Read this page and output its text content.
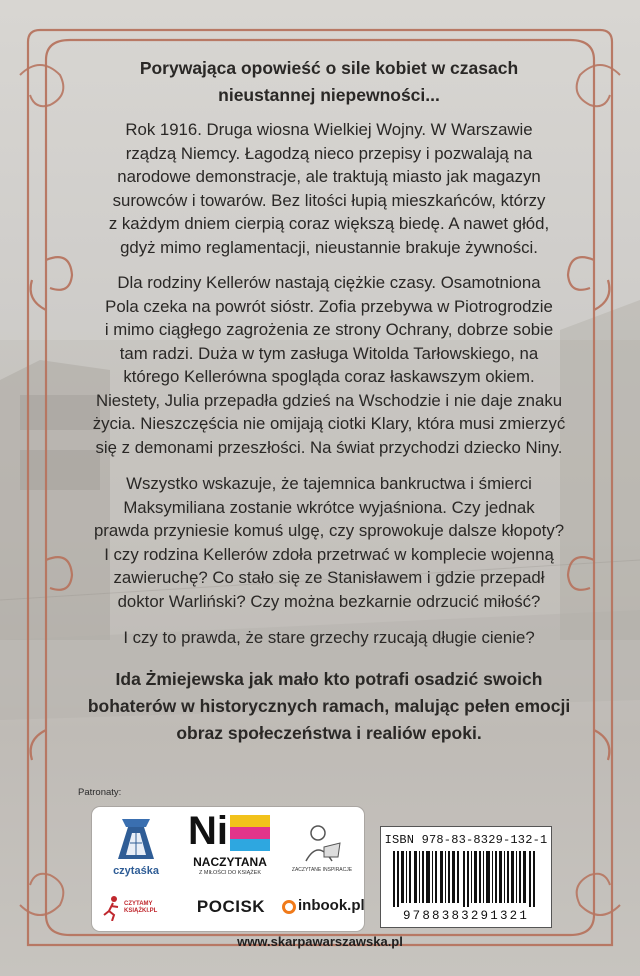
Porywająca opowieść o sile kobiet w czasach

nieustannej niepewności...

Rok 1916. Druga wiosna Wielkiej Wojny. W Warszawie

rządzą Niemcy. Łagodzą nieco przepisy i pozwalają na

narodowe demonstracje, ale traktują miasto jak magazyn

surowców i towarów. Bez litości łupią mieszkańców, którzy

z każdym dniem cierpią coraz większą biedę. A nawet głód,

gdyż mimo reglamentacji, nieustannie brakuje żywności.

Dla rodziny Kellerów nastają ciężkie czasy. Osamotniona

Pola czeka na powrót sióstr. Zofia przebywa w Piotrogrodzie

i mimo ciągłego zagrożenia ze strony Ochrany, dobrze sobie

tam radzi. Duża w tym zasługa Witolda Tarłowskiego, na

którego Kellerówna spogląda coraz łaskawszym okiem.

Niestety, Julia przepadła gdzieś na Wschodzie i nie daje znaku

życia. Nieszczęścia nie omijają ciotki Klary, która musi zmierzyć

się z demonami przeszłości. Na świat przychodzi dziecko Niny.

Wszystko wskazuje, że tajemnica bankructwa i śmierci

Maksymiliana zostanie wkrótce wyjaśniona. Czy jednak

prawda przyniesie komuś ulgę, czy sprowokuje dalsze kłopoty?

I czy rodzina Kellerów zdoła przetrwać w komplecie wojenną

zawieruchę? Co stało się ze Stanisławem i gdzie przepadł

doktor Warliński? Czy można bezkarnie odrzucić miłość?

I czy to prawda, że stare grzechy rzucają długie cienie?

Ida Żmiejewska jak mało kto potrafi osadzić swoich

bohaterów w historycznych ramach, malując pełen emocji

obraz społeczeństwa i realiów epoki.

Patronaty:
czytaśka
Ni
NACZYTANA
Z MIŁOŚCI DO KSIĄŻEK	ZACZYTANE INSPIRACJE
CZYTAMY KSIĄŻKI.PL	POCISK	inbook.pl
ISBN 978-83-8329-132-1
9788383291321
www.skarpawarszawska.pl
